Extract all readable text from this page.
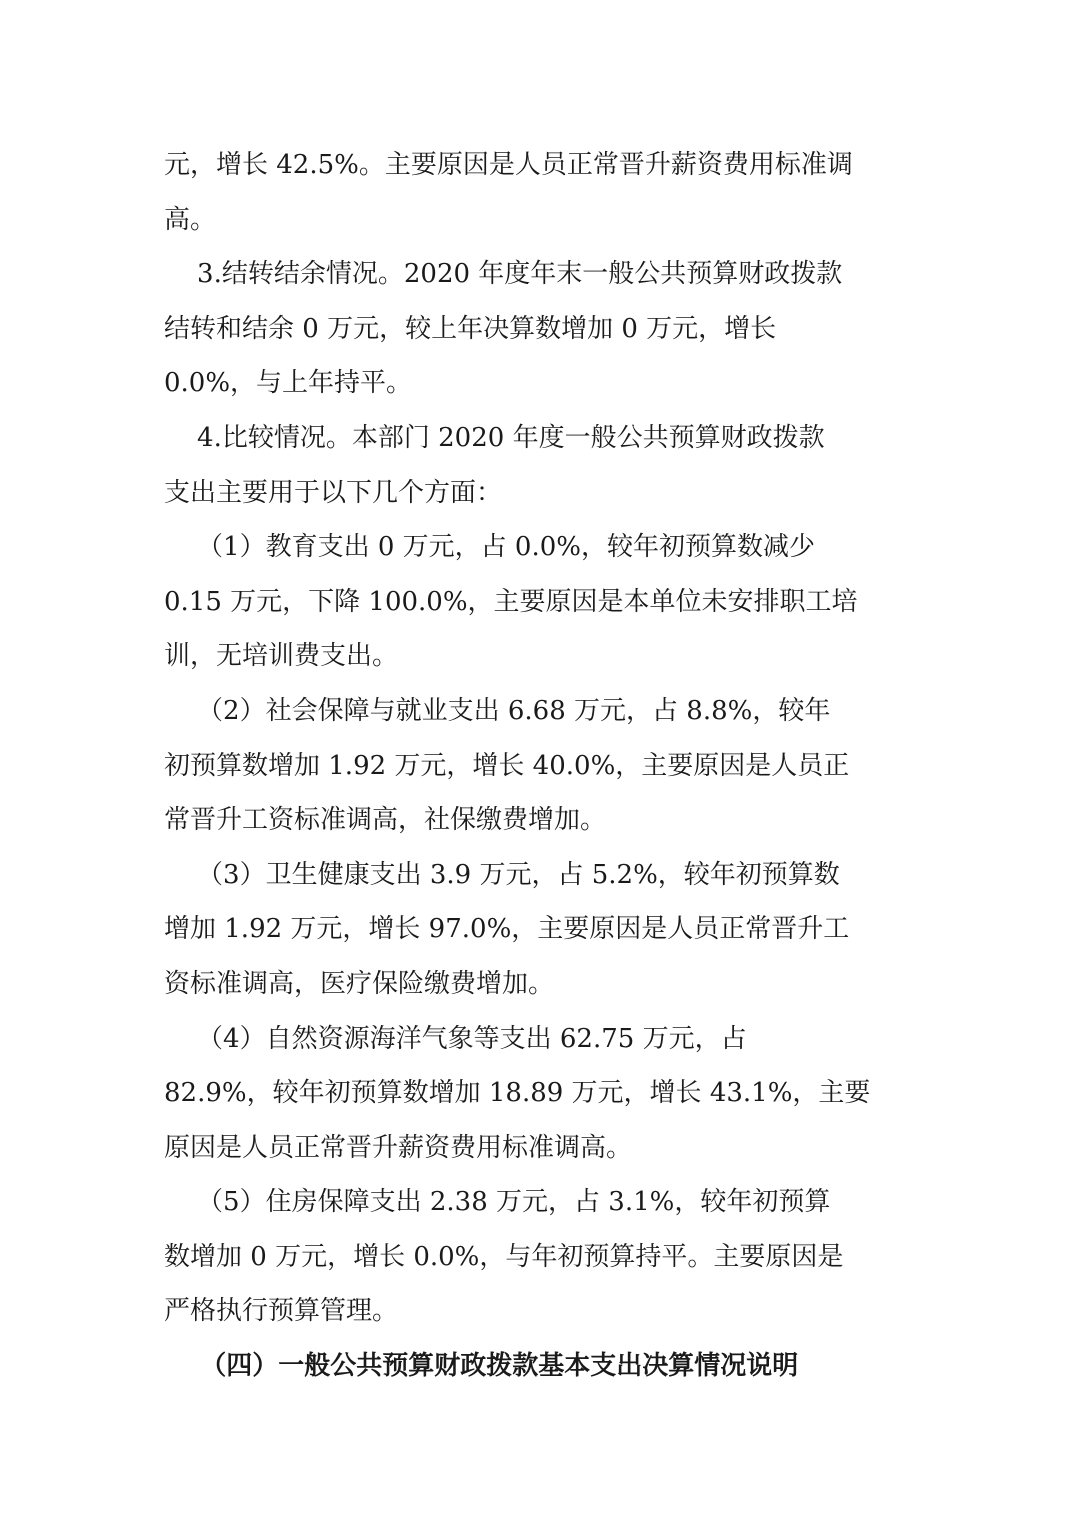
元，增长 42.5%。主要原因是人员正常晋升薪资费用标准调
高。
3.结转结余情况。2020 年度年末一般公共预算财政拨款
结转和结余 0 万元，较上年决算数增加 0 万元，增长
0.0%，与上年持平。
4.比较情况。本部门 2020 年度一般公共预算财政拨款
支出主要用于以下几个方面：
（1）教育支出 0 万元，占 0.0%，较年初预算数减少
0.15 万元，下降 100.0%，主要原因是本单位未安排职工培
训，无培训费支出。
（2）社会保障与就业支出 6.68 万元，占 8.8%，较年
初预算数增加 1.92 万元，增长 40.0%，主要原因是人员正
常晋升工资标准调高，社保缴费增加。
（3）卫生健康支出 3.9 万元，占 5.2%，较年初预算数
增加 1.92 万元，增长 97.0%，主要原因是人员正常晋升工
资标准调高，医疗保险缴费增加。
（4）自然资源海洋气象等支出 62.75 万元，占
82.9%，较年初预算数增加 18.89 万元，增长 43.1%，主要
原因是人员正常晋升薪资费用标准调高。
（5）住房保障支出 2.38 万元，占 3.1%，较年初预算
数增加 0 万元，增长 0.0%，与年初预算持平。主要原因是
严格执行预算管理。
（四）一般公共预算财政拨款基本支出决算情况说明
